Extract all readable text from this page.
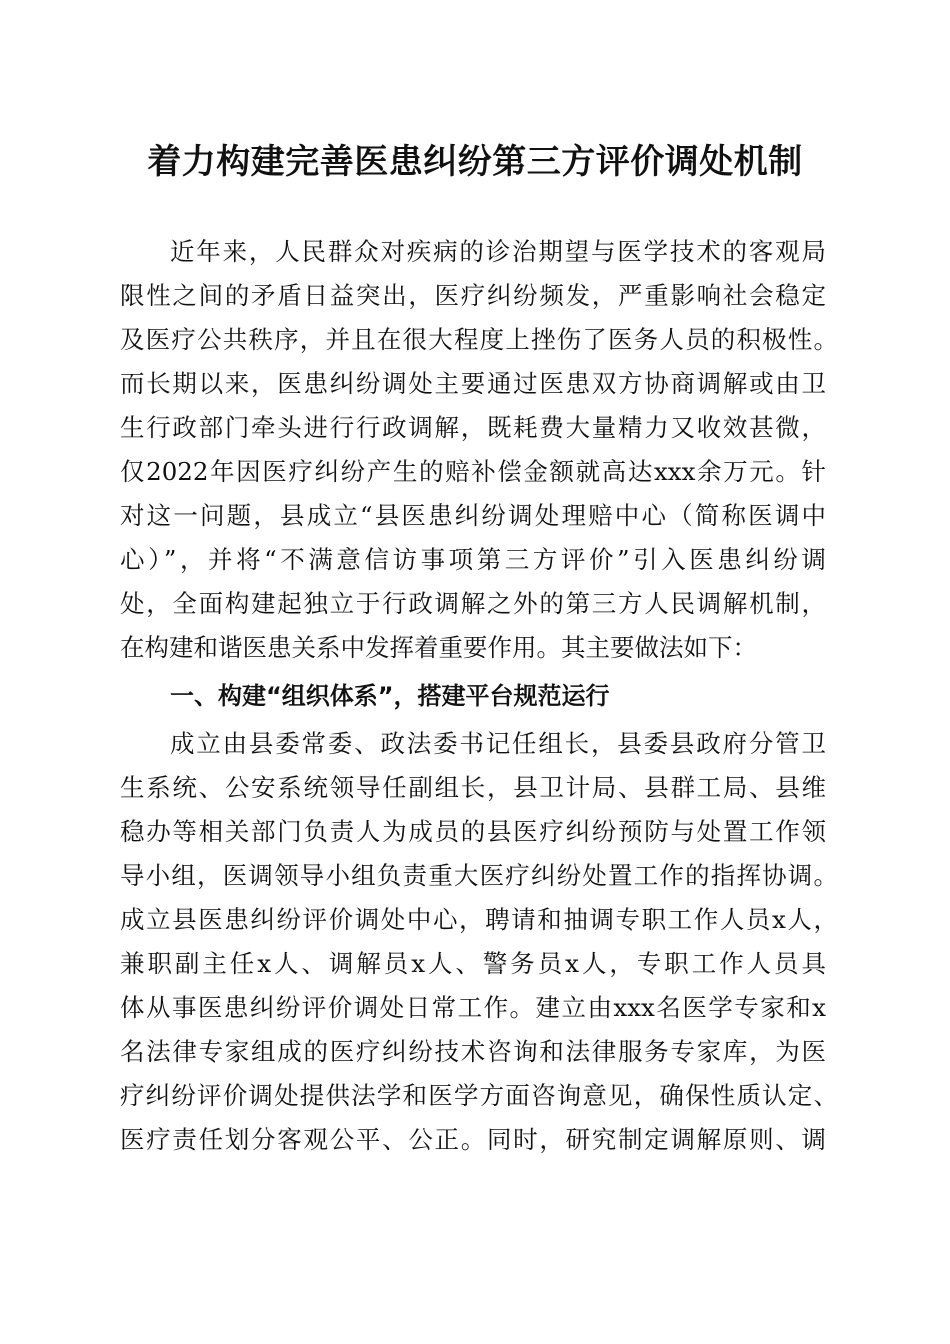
着力构建完善医患纠纷第三方评价调处机制
近年来，人民群众对疾病的诊治期望与医学技术的客观局
限性之间的矛盾日益突出，医疗纠纷频发，严重影响社会稳定
及医疗公共秩序，并且在很大程度上挫伤了医务人员的积极性。
而长期以来，医患纠纷调处主要通过医患双方协商调解或由卫
生行政部门牵头进行行政调解，既耗费大量精力又收效甚微，
仅2022年因医疗纠纷产生的赔补偿金额就高达xxx余万元。针
对这一问题，县成立“县医患纠纷调处理赔中心（简称医调中
心）”，并将“不满意信访事项第三方评价”引入医患纠纷调
处，全面构建起独立于行政调解之外的第三方人民调解机制，
在构建和谐医患关系中发挥着重要作用。其主要做法如下：
一、构建“组织体系”，搭建平台规范运行
成立由县委常委、政法委书记任组长，县委县政府分管卫
生系统、公安系统领导任副组长，县卫计局、县群工局、县维
稳办等相关部门负责人为成员的县医疗纠纷预防与处置工作领
导小组，医调领导小组负责重大医疗纠纷处置工作的指挥协调。
成立县医患纠纷评价调处中心，聘请和抽调专职工作人员x人，
兼职副主任x人、调解员x人、警务员x人，专职工作人员具
体从事医患纠纷评价调处日常工作。建立由xxx名医学专家和x
名法律专家组成的医疗纠纷技术咨询和法律服务专家库，为医
疗纠纷评价调处提供法学和医学方面咨询意见，确保性质认定、
医疗责任划分客观公平、公正。同时，研究制定调解原则、调
